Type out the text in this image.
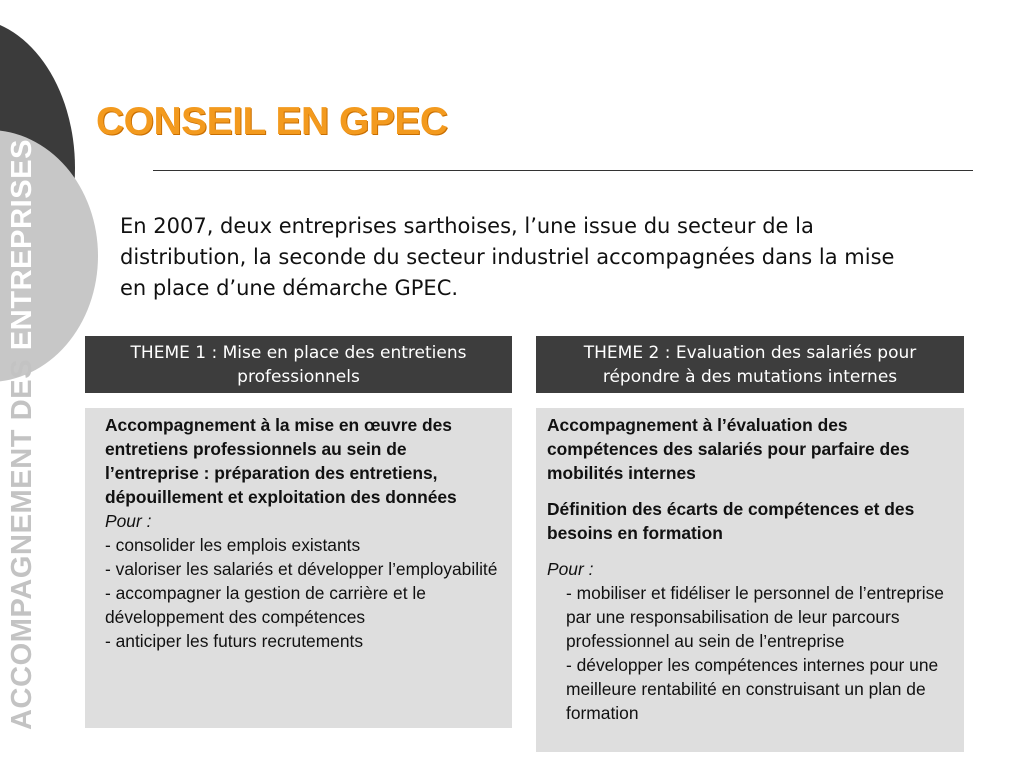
ACCOMPAGNEMENT DES ENTREPRISES
CONSEIL EN GPEC

En 2007, deux entreprises sarthoises, l’une issue du secteur de la distribution, la seconde du secteur industriel accompagnées dans la mise en place d’une démarche GPEC.

THEME 1 : Mise en place des entretiens professionnels
THEME 2 : Evaluation des salariés pour répondre à des mutations internes

Accompagnement à la mise en œuvre des entretiens professionnels au sein de l’entreprise : préparation des entretiens, dépouillement et exploitation des données

Pour :

- consolider les emplois existants

- valoriser les salariés et développer l’employabilité

- accompagner la gestion de carrière et le développement des compétences

- anticiper les futurs recrutements

Accompagnement à l’évaluation des compétences des salariés pour parfaire des mobilités internes

Définition des écarts de compétences et des besoins en formation

Pour :

- mobiliser et fidéliser le personnel de l’entreprise par une responsabilisation de leur parcours professionnel au sein de l’entreprise

- développer les compétences internes pour une meilleure rentabilité en construisant un plan de formation
